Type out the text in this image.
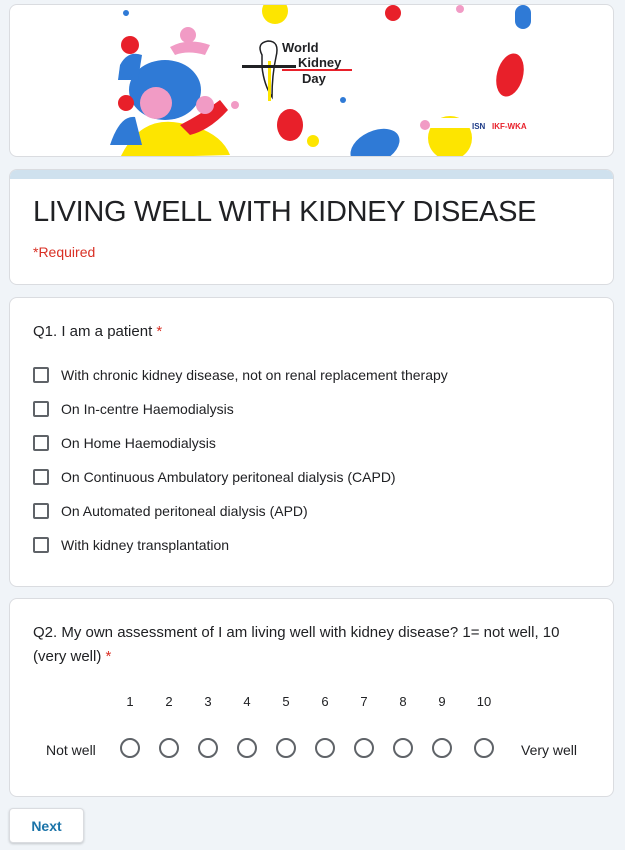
World
Kidney
Day
ISN IKF-WKA
LIVING WELL WITH KIDNEY DISEASE
*Required
Q1. I am a patient *
With chronic kidney disease, not on renal replacement therapy
On In-centre Haemodialysis
On Home Haemodialysis
On Continuous Ambulatory peritoneal dialysis (CAPD)
On Automated peritoneal dialysis (APD)
With kidney transplantation
Q2. My own assessment of I am living well with kidney disease? 1= not well, 10
(very well) *
1	2	3	4	5	6	7	8	9	10
Not well	Very well
Next
